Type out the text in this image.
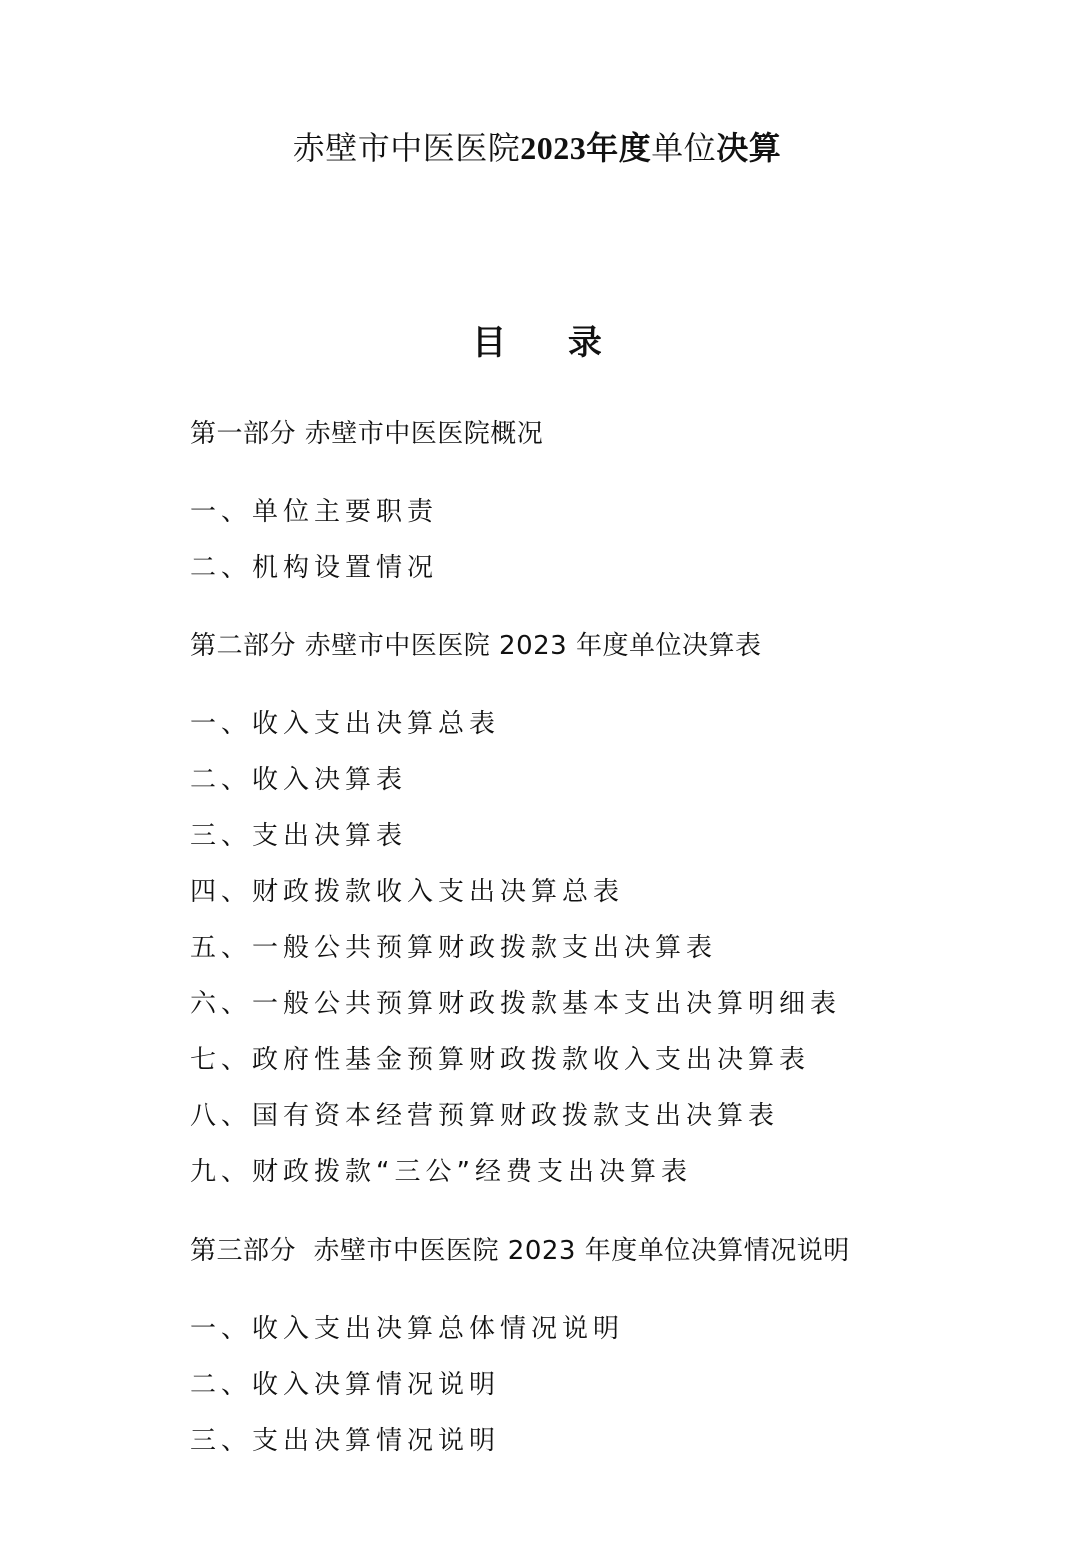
赤壁市中医医院2023年度单位决算
目 录
第一部分 赤壁市中医医院概况
一、单位主要职责
二、机构设置情况
第二部分 赤壁市中医医院 2023 年度单位决算表
一、收入支出决算总表
二、收入决算表
三、支出决算表
四、财政拨款收入支出决算总表
五、一般公共预算财政拨款支出决算表
六、一般公共预算财政拨款基本支出决算明细表
七、政府性基金预算财政拨款收入支出决算表
八、国有资本经营预算财政拨款支出决算表
九、财政拨款“三公”经费支出决算表
第三部分  赤壁市中医医院 2023 年度单位决算情况说明
一、收入支出决算总体情况说明
二、收入决算情况说明
三、支出决算情况说明
